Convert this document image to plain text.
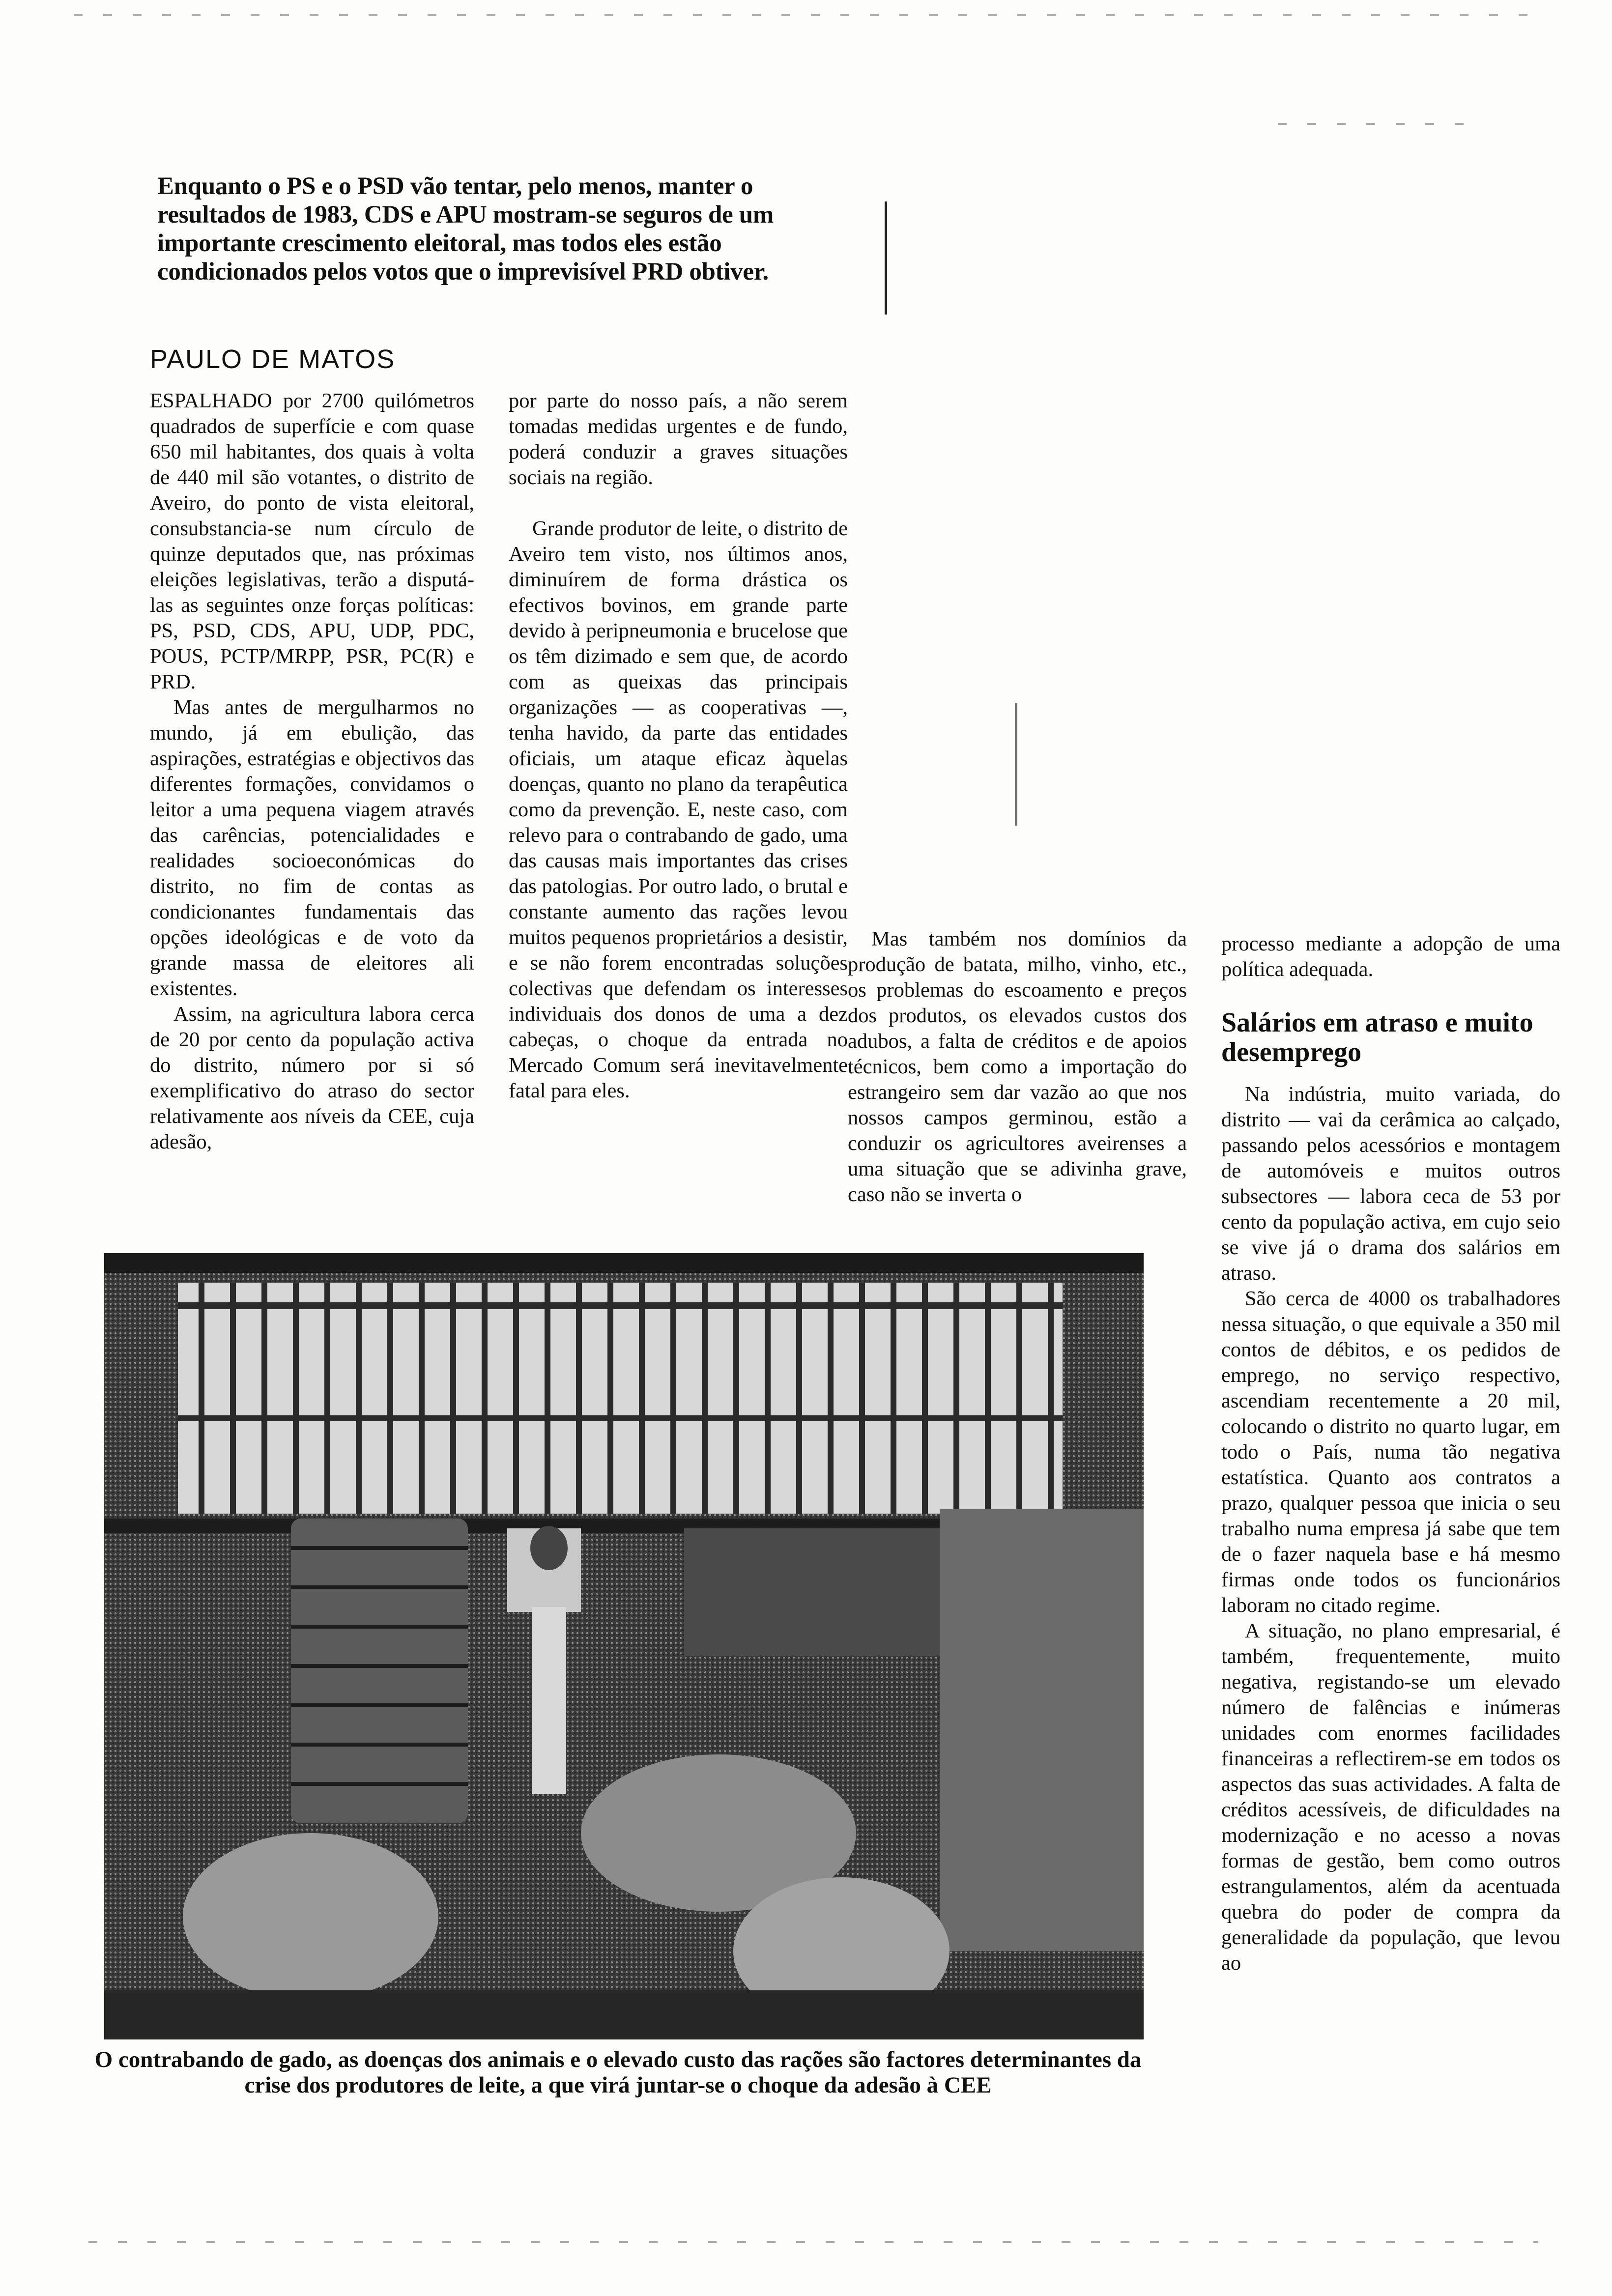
Enquanto o PS e o PSD vão tentar, pelo menos, manter o resultados de 1983, CDS e APU mostram-se seguros de um importante crescimento eleitoral, mas todos eles estão condicionados pelos votos que o imprevisível PRD obtiver.
PAULO DE MATOS

ESPALHADO por 2700 quilómetros quadrados de superfície e com quase 650 mil habitantes, dos quais à volta de 440 mil são votantes, o distrito de Aveiro, do ponto de vista eleitoral, consubstancia-se num círculo de quinze deputados que, nas próximas eleições legislativas, terão a disputá-las as seguintes onze forças políticas: PS, PSD, CDS, APU, UDP, PDC, POUS, PCTP/MRPP, PSR, PC(R) e PRD.

Mas antes de mergulharmos no mundo, já em ebulição, das aspirações, estratégias e objectivos das diferentes formações, convidamos o leitor a uma pequena viagem através das carências, potencialidades e realidades socioeconómicas do distrito, no fim de contas as condicionantes fundamentais das opções ideológicas e de voto da grande massa de eleitores ali existentes.

Assim, na agricultura labora cerca de 20 por cento da população activa do distrito, número por si só exemplificativo do atraso do sector relativamente aos níveis da CEE, cuja adesão,

por parte do nosso país, a não serem tomadas medidas urgentes e de fundo, poderá conduzir a graves situações sociais na região.

Grande produtor de leite, o distrito de Aveiro tem visto, nos últimos anos, diminuírem de forma drástica os efectivos bovinos, em grande parte devido à peripneumonia e brucelose que os têm dizimado e sem que, de acordo com as queixas das principais organizações — as cooperativas —, tenha havido, da parte das entidades oficiais, um ataque eficaz àquelas doenças, quanto no plano da terapêutica como da prevenção. E, neste caso, com relevo para o contrabando de gado, uma das causas mais importantes das crises das patologias. Por outro lado, o brutal e constante aumento das rações levou muitos pequenos proprietários a desistir, e se não forem encontradas soluções colectivas que defendam os interesses individuais dos donos de uma a dez cabeças, o choque da entrada no Mercado Comum será inevitavelmente fatal para eles.

Mas também nos domínios da produção de batata, milho, vinho, etc., os problemas do escoamento e preços dos produtos, os elevados custos dos adubos, a falta de créditos e de apoios técnicos, bem como a importação do estrangeiro sem dar vazão ao que nos nossos campos germinou, estão a conduzir os agricultores aveirenses a uma situação que se adivinha grave, caso não se inverta o

processo mediante a adopção de uma política adequada.

Salários em atraso e muito desemprego

Na indústria, muito variada, do distrito — vai da cerâmica ao calçado, passando pelos acessórios e montagem de automóveis e muitos outros subsectores — labora ceca de 53 por cento da população activa, em cujo seio se vive já o drama dos salários em atraso.

São cerca de 4000 os trabalhadores nessa situação, o que equivale a 350 mil contos de débitos, e os pedidos de emprego, no serviço respectivo, ascendiam recentemente a 20 mil, colocando o distrito no quarto lugar, em todo o País, numa tão negativa estatística. Quanto aos contratos a prazo, qualquer pessoa que inicia o seu trabalho numa empresa já sabe que tem de o fazer naquela base e há mesmo firmas onde todos os funcionários laboram no citado regime.

A situação, no plano empresarial, é também, frequentemente, muito negativa, registando-se um elevado número de falências e inúmeras unidades com enormes facilidades financeiras a reflectirem-se em todos os aspectos das suas actividades. A falta de créditos acessíveis, de dificuldades na modernização e no acesso a novas formas de gestão, bem como outros estrangulamentos, além da acentuada quebra do poder de compra da generalidade da população, que levou ao

O contrabando de gado, as doenças dos animais e o elevado custo das rações são factores determinantes da crise dos produtores de leite, a que virá juntar-se o choque da adesão à CEE
